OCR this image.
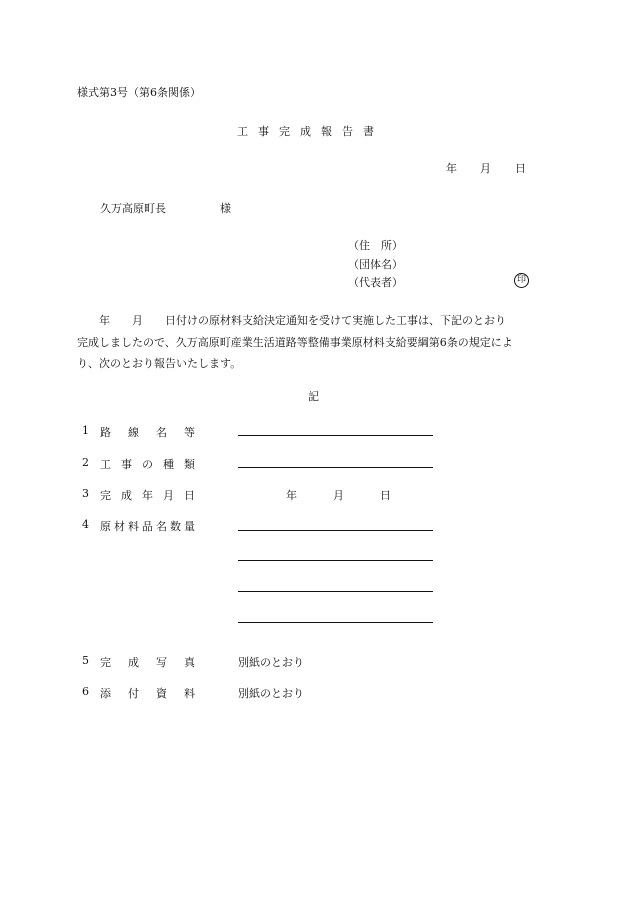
様式第3号（第6条関係）
工事完成報告書
年 月 日
久万高原町長	様
（住　所）
（団体名）
（代表者）	印

　　年　　月　　日付けの原材料支給決定通知を受けて実施した工事は、下記のとおり

完成しましたので、久万高原町産業生活道路等整備事業原材料支給要綱第6条の規定によ

り、次のとおり報告いたします。

記
1 路 線 名 等
2 工 事 の 種 類
3 完 成 年 月 日	年	月	日
4 原 材 料 品 名 数 量
5 完 成 写 真	別紙のとおり
6 添 付 資 料	別紙のとおり
